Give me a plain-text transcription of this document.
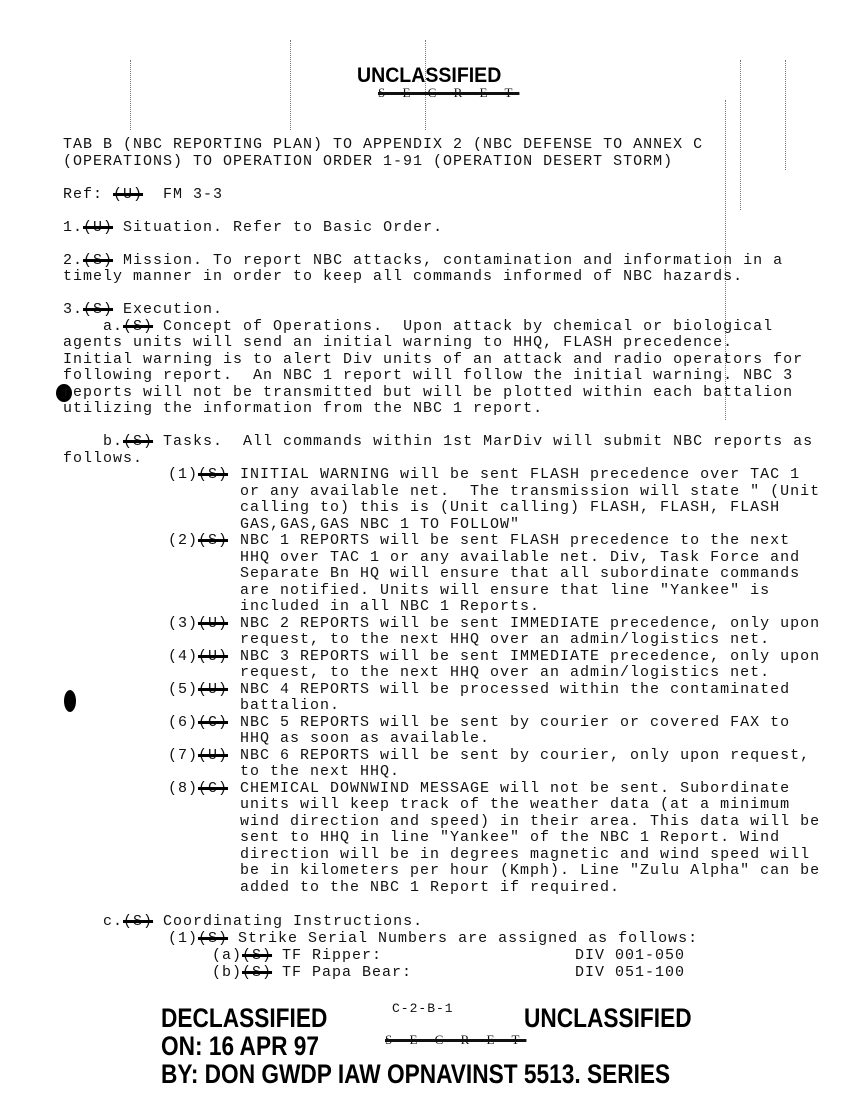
UNCLASSIFIED
S E C R E T
TAB B (NBC REPORTING PLAN) TO APPENDIX 2 (NBC DEFENSE TO ANNEX C
(OPERATIONS) TO OPERATION ORDER 1-91 (OPERATION DESERT STORM)
Ref: (U)  FM 3-3
1.(U) Situation. Refer to Basic Order.
2.(S) Mission. To report NBC attacks, contamination and information in a
timely manner in order to keep all commands informed of NBC hazards.
3.(S) Execution.
a.(S) Concept of Operations.  Upon attack by chemical or biological
agents units will send an initial warning to HHQ, FLASH precedence.
Initial warning is to alert Div units of an attack and radio operators for
following report.  An NBC 1 report will follow the initial warning. NBC 3
reports will not be transmitted but will be plotted within each battalion
utilizing the information from the NBC 1 report.
b.(S) Tasks.  All commands within 1st MarDiv will submit NBC reports as
follows.
(1)(S) INITIAL WARNING will be sent FLASH precedence over TAC 1
or any available net.  The transmission will state " (Unit
calling to) this is (Unit calling) FLASH, FLASH, FLASH
GAS,GAS,GAS NBC 1 TO FOLLOW"
(2)(S) NBC 1 REPORTS will be sent FLASH precedence to the next
HHQ over TAC 1 or any available net. Div, Task Force and
Separate Bn HQ will ensure that all subordinate commands
are notified. Units will ensure that line "Yankee" is
included in all NBC 1 Reports.
(3)(U) NBC 2 REPORTS will be sent IMMEDIATE precedence, only upon
request, to the next HHQ over an admin/logistics net.
(4)(U) NBC 3 REPORTS will be sent IMMEDIATE precedence, only upon
request, to the next HHQ over an admin/logistics net.
(5)(U) NBC 4 REPORTS will be processed within the contaminated
battalion.
(6)(C) NBC 5 REPORTS will be sent by courier or covered FAX to
HHQ as soon as available.
(7)(U) NBC 6 REPORTS will be sent by courier, only upon request,
to the next HHQ.
(8)(C) CHEMICAL DOWNWIND MESSAGE will not be sent. Subordinate
units will keep track of the weather data (at a minimum
wind direction and speed) in their area. This data will be
sent to HHQ in line "Yankee" of the NBC 1 Report. Wind
direction will be in degrees magnetic and wind speed will
be in kilometers per hour (Kmph). Line "Zulu Alpha" can be
added to the NBC 1 Report if required.
c.(S) Coordinating Instructions.
(1)(S) Strike Serial Numbers are assigned as follows:
(a)(S) TF Ripper:	DIV 001-050
(b)(S) TF Papa Bear:	DIV 051-100
C-2-B-1
DECLASSIFIED	UNCLASSIFIED
ON: 16 APR 97	S E C R E T
BY: DON GWDP IAW OPNAVINST 5513. SERIES
